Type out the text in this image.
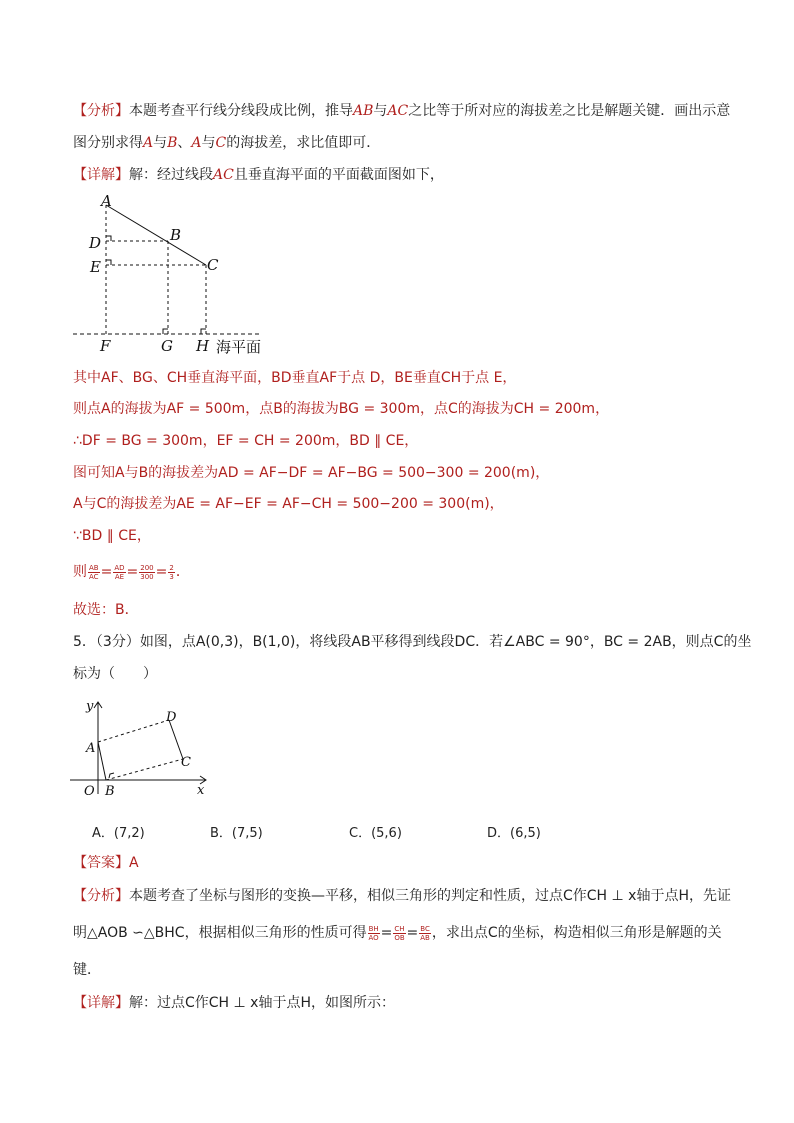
【分析】本题考查平行线分线段成比例，推导AB与AC之比等于所对应的海拔差之比是解题关键．画出示意
图分别求得A与B、A与C的海拔差，求比值即可．
【详解】解：经过线段AC且垂直海平面的平面截面图如下，
A
B
C
D
E
F	G H 海平面
其中AF、BG、CH垂直海平面，BD垂直AF于点 D，BE垂直CH于点 E，
则点A的海拔为AF = 500m，点B的海拔为BG = 300m，点C的海拔为CH = 200m，
∴DF = BG = 300m，EF = CH = 200m，BD ∥ CE，
图可知A与B的海拔差为AD = AF−DF = AF−BG = 500−300 = 200(m)，
A与C的海拔差为AE = AF−EF = AF−CH = 500−200 = 300(m)，
∵BD ∥ CE，
则 $\frac{AB}{AC} = \frac{AD}{AE} = \frac{200}{300} = \frac{2}{3}$ ．
故选：B．
5．（3分）如图，点A(0,3)，B(1,0)，将线段AB平移得到线段DC．若∠ABC = 90°，BC = 2AB，则点C的坐
标为（　　）
y
x
O B
A
C
D
A．(7,2)	B．(7,5)	C．(5,6)	D．(6,5)
【答案】A
【分析】本题考查了坐标与图形的变换—平移，相似三角形的判定和性质，过点C作CH ⊥ x轴于点H，先证
明△AOB ∽△BHC，根据相似三角形的性质可得 $\frac{BH}{AO} = \frac{CH}{OB} = \frac{BC}{AB}$ ，求出点C的坐标，构造相似三角形是解题的关
键．
【详解】解：过点C作CH ⊥ x轴于点H，如图所示：
